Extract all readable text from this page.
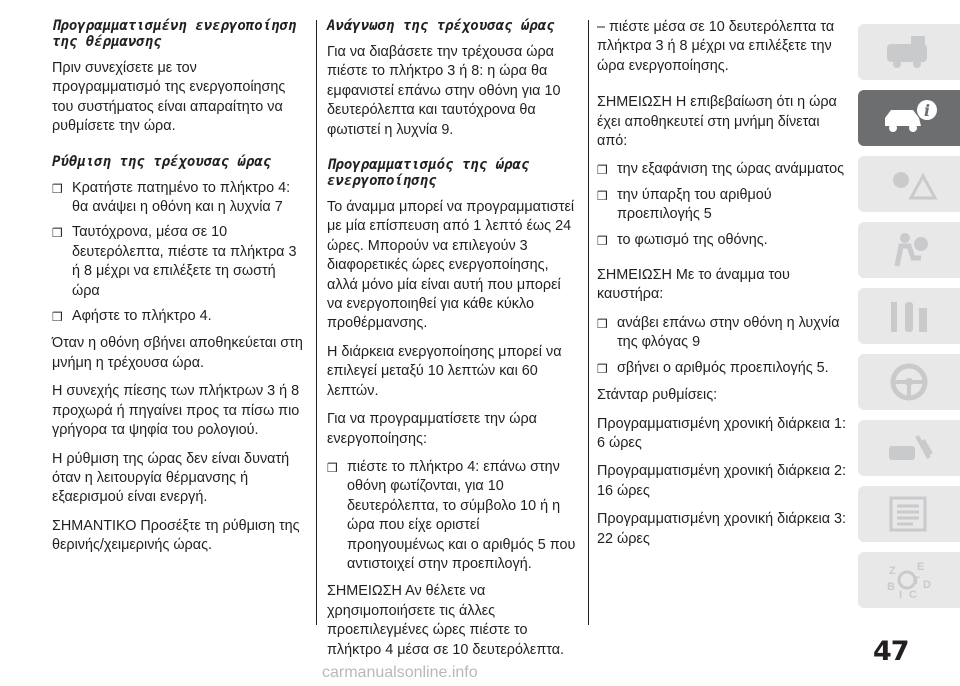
Προγραμματισμένη ενεργοποίηση της θέρμανσης

Πριν συνεχίσετε με τον προγραμματισμό της ενεργοποίησης του συστήματος είναι απαραίτητο να ρυθμίσετε την ώρα.

Ρύθμιση της τρέχουσας ώρας
❒ Κρατήστε πατημένο το πλήκτρο 4: θα ανάψει η οθόνη και η λυχνία 7
❒ Ταυτόχρονα, μέσα σε 10 δευτερόλεπτα, πιέστε τα πλήκτρα 3 ή 8 μέχρι να επιλέξετε τη σωστή ώρα
❒ Αφήστε το πλήκτρο 4.

Όταν η οθόνη σβήνει αποθηκεύεται στη μνήμη η τρέχουσα ώρα.

Η συνεχής πίεσης των πλήκτρων 3 ή 8 προχωρά ή πηγαίνει προς τα πίσω πιο γρήγορα τα ψηφία του ρολογιού.

Η ρύθμιση της ώρας δεν είναι δυνατή όταν η λειτουργία θέρμανσης ή εξαερισμού είναι ενεργή.

ΣΗΜΑΝΤΙΚΟ Προσέξτε τη ρύθμιση της θερινής/χειμερινής ώρας.

Ανάγνωση της τρέχουσας ώρας

Για να διαβάσετε την τρέχουσα ώρα πιέστε το πλήκτρο 3 ή 8: η ώρα θα εμφανιστεί επάνω στην οθόνη για 10 δευτερόλεπτα και ταυτόχρονα θα φωτιστεί η λυχνία 9.

Προγραμματισμός της ώρας ενεργοποίησης

Το άναμμα μπορεί να προγραμματιστεί με μία επίσπευση από 1 λεπτό έως 24 ώρες. Μπορούν να επιλεγούν 3 διαφορετικές ώρες ενεργοποίησης, αλλά μόνο μία είναι αυτή που μπορεί να ενεργοποιηθεί για κάθε κύκλο προθέρμανσης.

Η διάρκεια ενεργοποίησης μπορεί να επιλεγεί μεταξύ 10 λεπτών και 60 λεπτών.

Για να προγραμματίσετε την ώρα ενεργοποίησης:

❒ πιέστε το πλήκτρο 4: επάνω στην οθόνη φωτίζονται, για 10 δευτερόλεπτα, το σύμβολο 10 ή η ώρα που είχε οριστεί προηγουμένως και ο αριθμός 5 που αντιστοιχεί στην προεπιλογή.

ΣΗΜΕΙΩΣΗ Αν θέλετε να χρησιμοποιήσετε τις άλλες προεπιλεγμένες ώρες πιέστε το πλήκτρο 4 μέσα σε 10 δευτερόλεπτα.

– πιέστε μέσα σε 10 δευτερόλεπτα τα πλήκτρα 3 ή 8 μέχρι να επιλέξετε την ώρα ενεργοποίησης.

ΣΗΜΕΙΩΣΗ Η επιβεβαίωση ότι η ώρα έχει αποθηκευτεί στη μνήμη δίνεται από:

❒ την εξαφάνιση της ώρας ανάμματος
❒ την ύπαρξη του αριθμού προεπιλογής 5
❒ το φωτισμό της οθόνης.

ΣΗΜΕΙΩΣΗ Με το άναμμα του καυστήρα:

❒ ανάβει επάνω στην οθόνη η λυχνία της φλόγας 9
❒ σβήνει ο αριθμός προεπιλογής 5.

Στάνταρ ρυθμίσεις:

Προγραμματισμένη χρονική διάρκεια 1: 6 ώρες

Προγραμματισμένη χρονική διάρκεια 2: 16 ώρες

Προγραμματισμένη χρονική διάρκεια 3: 22 ώρες

i
Z E
B	D
I C
T
47
carmanualsonline.info
